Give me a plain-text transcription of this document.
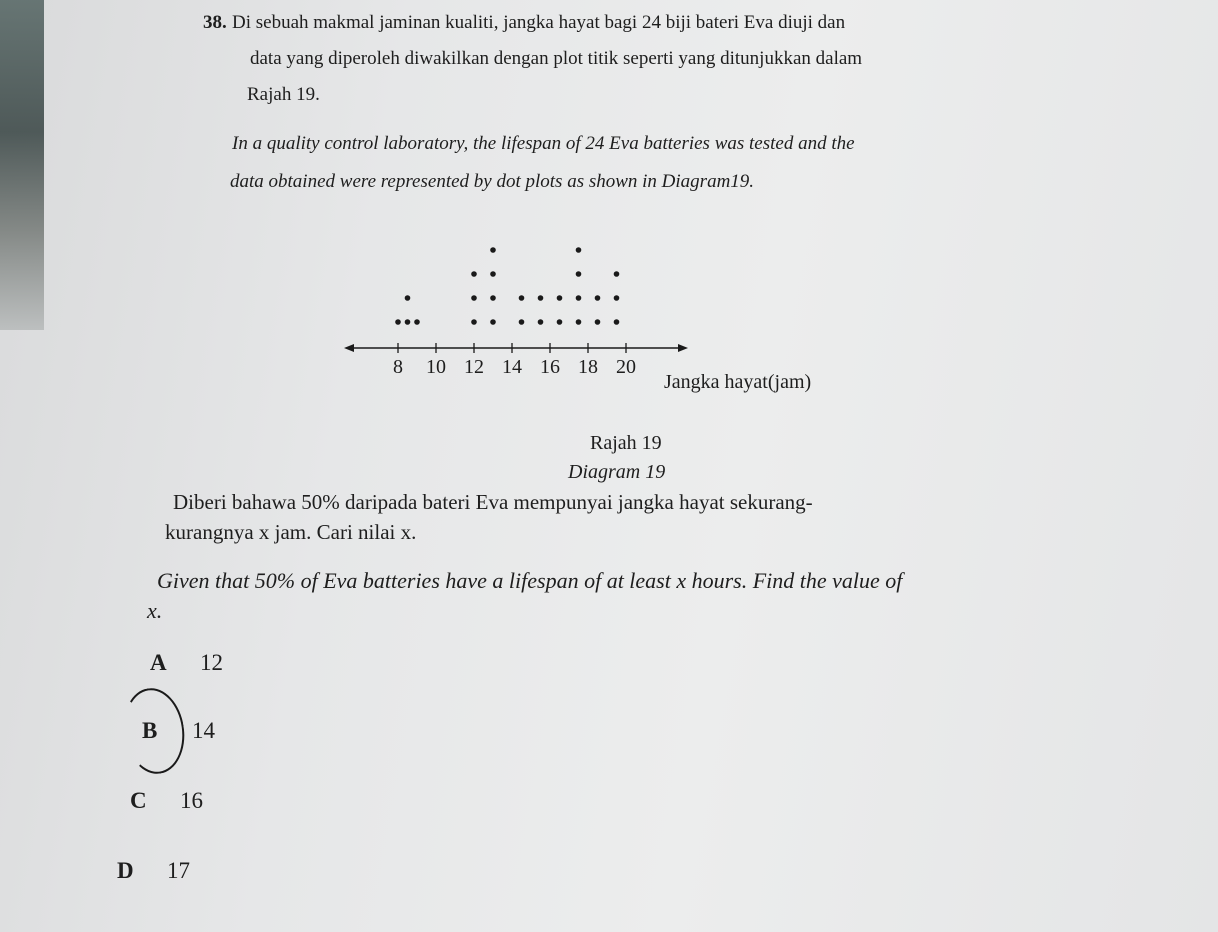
38. Di sebuah makmal jaminan kualiti, jangka hayat bagi 24 biji bateri Eva diuji dan
data yang diperoleh diwakilkan dengan plot titik seperti yang ditunjukkan dalam
Rajah 19.
In a quality control laboratory, the lifespan of 24 Eva batteries was tested and the
data obtained were represented by dot plots as shown in Diagram19.
8 10 12 14 16 18 20
Jangka hayat(jam)
Rajah 19
Diagram 19
Diberi bahawa 50% daripada bateri Eva mempunyai jangka hayat sekurang-
kurangnya x jam. Cari nilai x.
Given that 50% of Eva batteries have a lifespan of at least x hours. Find the value of
x.
A 12
B 14
C 16
D 17
